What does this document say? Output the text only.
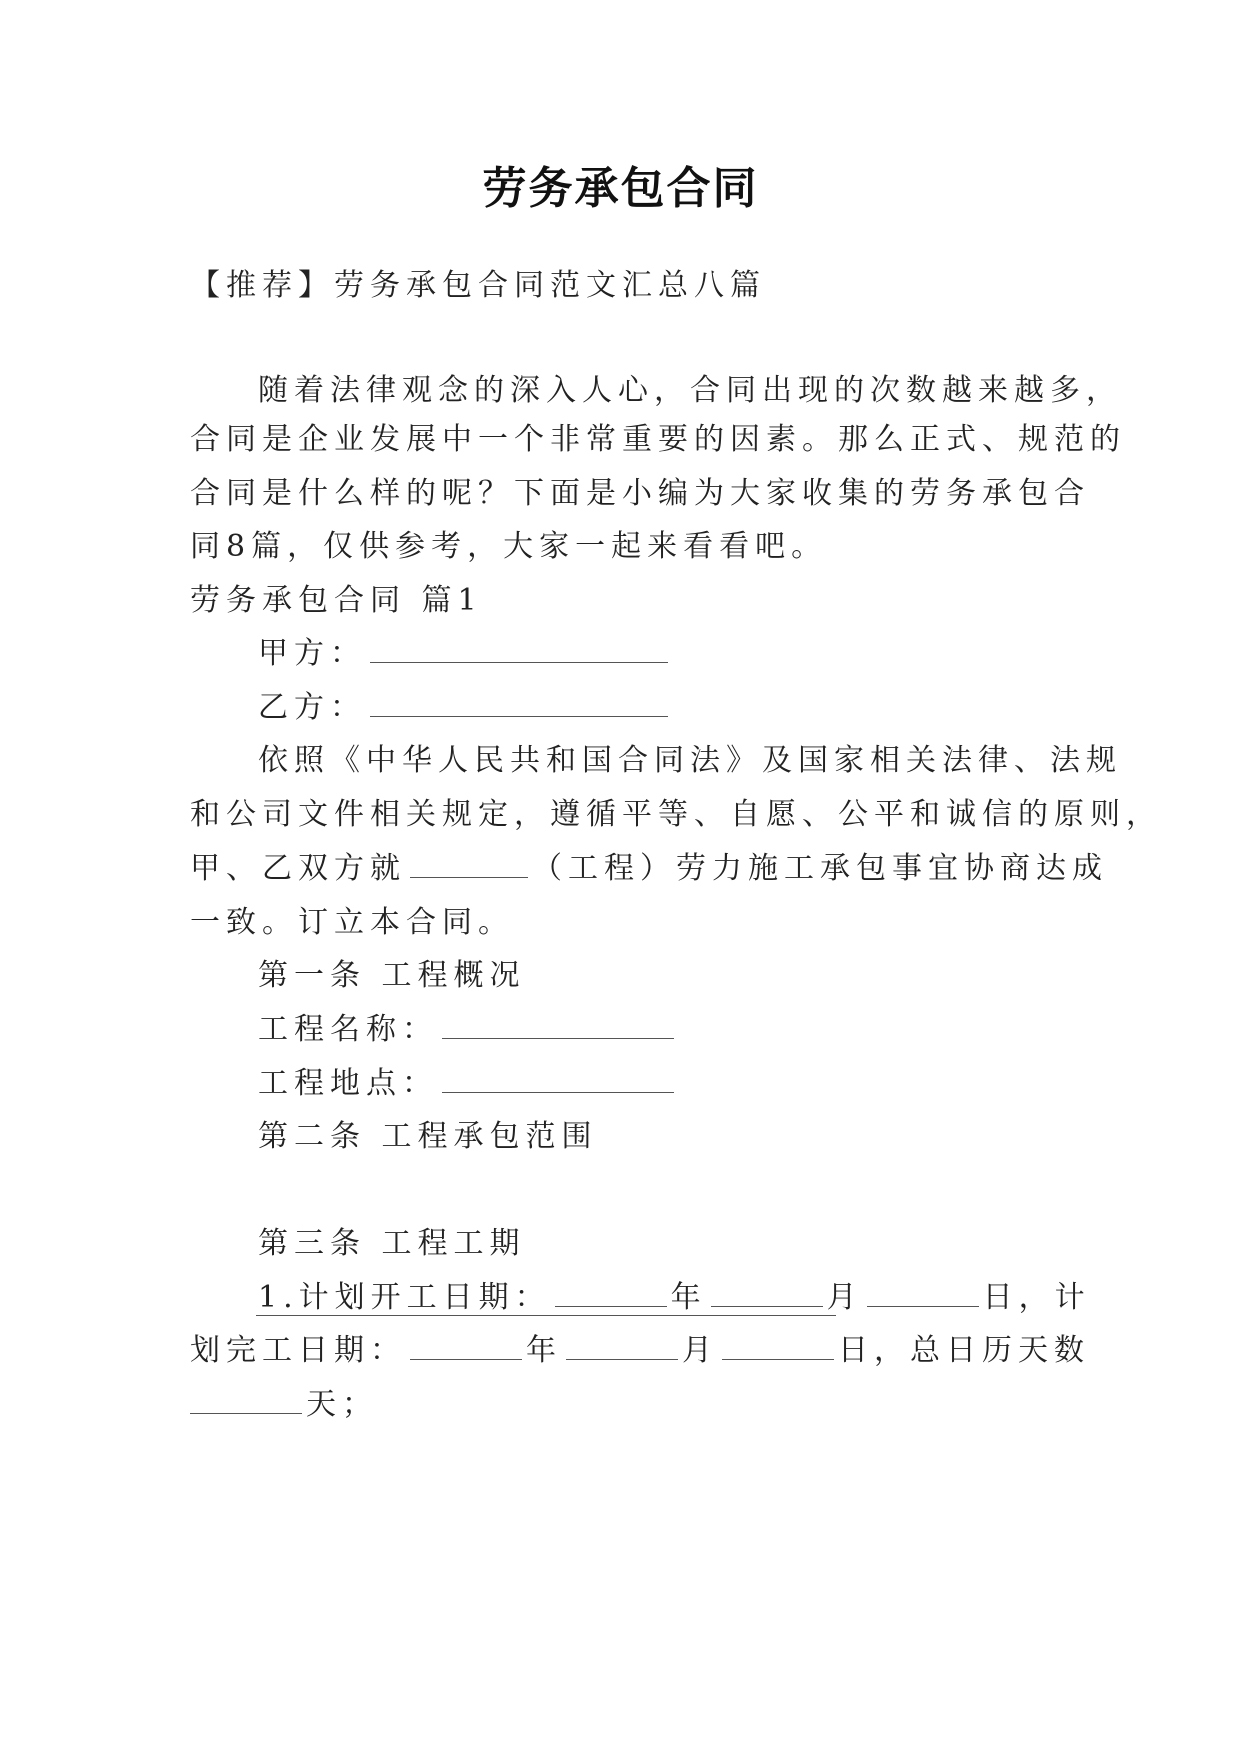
劳务承包合同
【推荐】劳务承包合同范文汇总八篇
随着法律观念的深入人心，合同出现的次数越来越多，
合同是企业发展中一个非常重要的因素。那么正式、规范的
合同是什么样的呢？下面是小编为大家收集的劳务承包合
同8篇，仅供参考，大家一起来看看吧。
劳务承包合同 篇1
甲方：
乙方：
依照《中华人民共和国合同法》及国家相关法律、法规
和公司文件相关规定，遵循平等、自愿、公平和诚信的原则，
甲、乙双方就	（工程）劳力施工承包事宜协商达成
一致。订立本合同。
第一条 工程概况
工程名称：
工程地点：
第二条 工程承包范围
第三条 工程工期
1.计划开工日期：	年	月	日，计
划完工日期：	年	月	日，总日历天数
天；
